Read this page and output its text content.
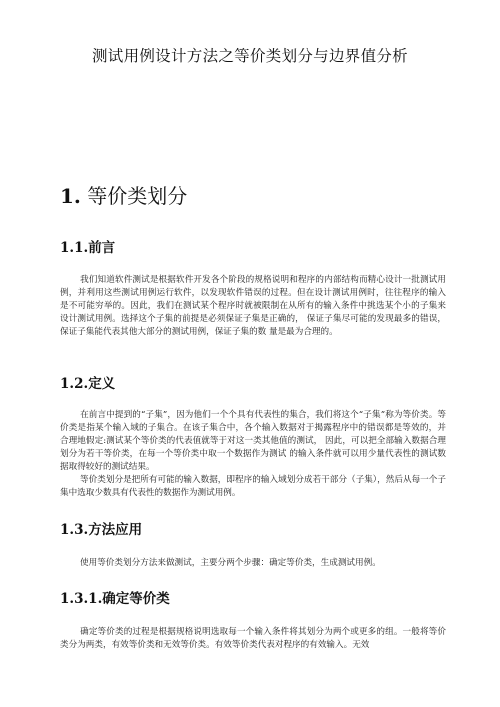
测试用例设计方法之等价类划分与边界值分析
1. 等价类划分
1.1.前言

我们知道软件测试是根据软件开发各个阶段的规格说明和程序的内部结构而精心设计一批测试用例，并利用这些测试用例运行软件，以发现软件错误的过程。但在设计测试用例时，往往程序的输入是不可能穷举的。因此，我们在测试某个程序时就被限制在从所有的输入条件中挑选某个小的子集来设计测试用例。选择这个子集的前提是必须保证子集是正确的， 保证子集尽可能的发现最多的错误，保证子集能代表其他大部分的测试用例，保证子集的数 量是最为合理的。

1.2.定义

在前言中提到的“子集”，因为他们一个个具有代表性的集合，我们将这个“子集”称为等价类。等价类是指某个输入域的子集合。在该子集合中，各个输入数据对于揭露程序中的错误都是等效的，并合理地假定:测试某个等价类的代表值就等于对这一类其他值的测试， 因此，可以把全部输入数据合理划分为若干等价类，在每一个等价类中取一个数据作为测试 的输入条件就可以用少量代表性的测试数据取得较好的测试结果。

等价类划分是把所有可能的输入数据，即程序的输入域划分成若干部分（子集），然后从每一个子集中选取少数具有代表性的数据作为测试用例。

1.3.方法应用

使用等价类划分方法来做测试，主要分两个步骤：确定等价类，生成测试用例。

1.3.1.确定等价类

确定等价类的过程是根据规格说明选取每一个输入条件将其划分为两个或更多的组。一般将等价类分为两类，有效等价类和无效等价类。有效等价类代表对程序的有效输入。无效
